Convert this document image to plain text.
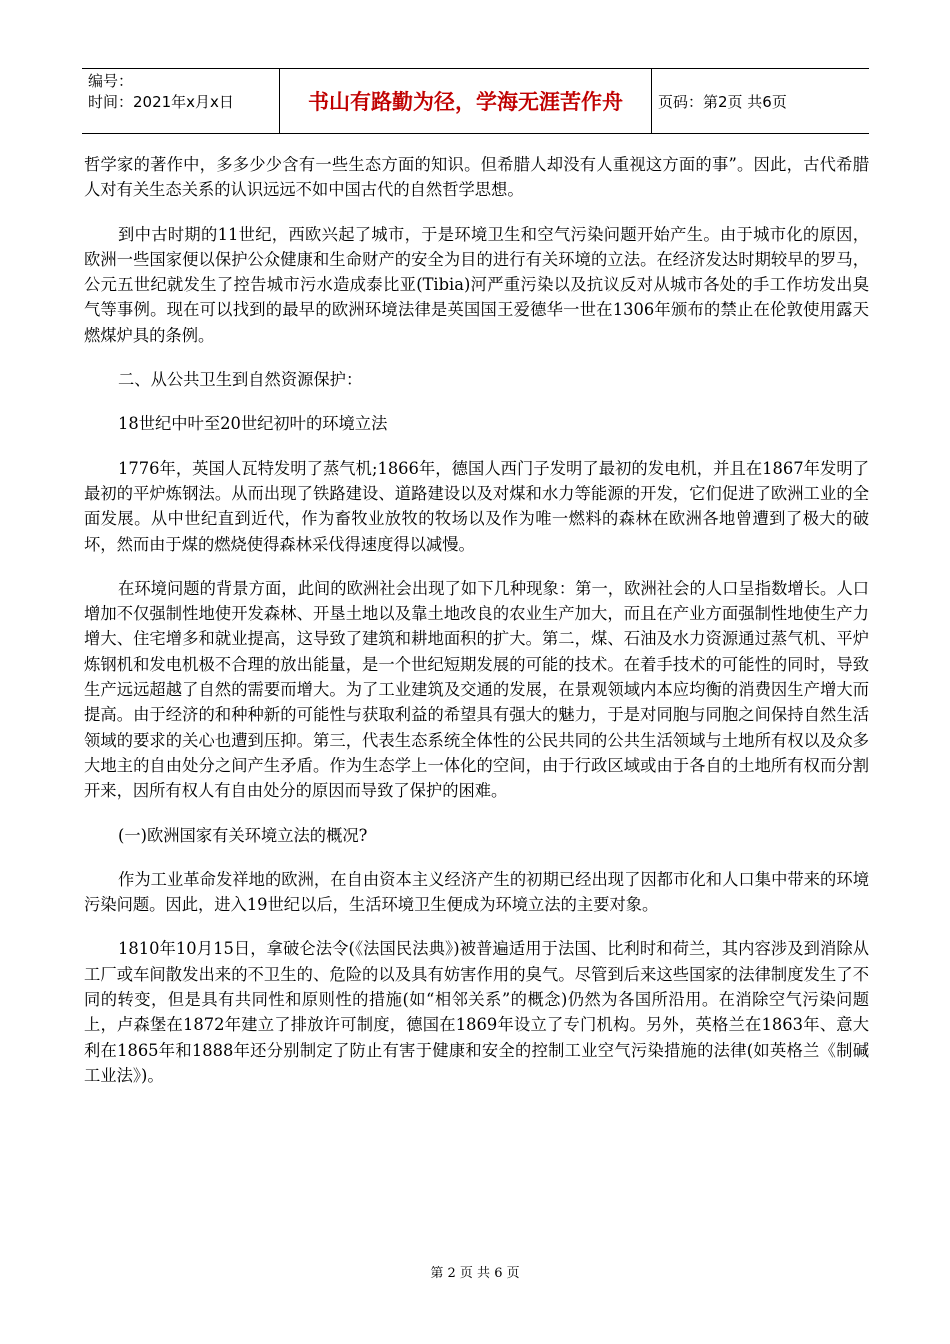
编号：
时间：2021年x月x日	书山有路勤为径，学海无涯苦作舟	页码：第2页 共6页

哲学家的著作中，多多少少含有一些生态方面的知识。但希腊人却没有人重视这方面的事”。因此，古代希腊人对有关生态关系的认识远远不如中国古代的自然哲学思想。

到中古时期的11世纪，西欧兴起了城市，于是环境卫生和空气污染问题开始产生。由于城市化的原因，欧洲一些国家便以保护公众健康和生命财产的安全为目的进行有关环境的立法。在经济发达时期较早的罗马，公元五世纪就发生了控告城市污水造成泰比亚(Tibia)河严重污染以及抗议反对从城市各处的手工作坊发出臭气等事例。现在可以找到的最早的欧洲环境法律是英国国王爱德华一世在1306年颁布的禁止在伦敦使用露天燃煤炉具的条例。

二、从公共卫生到自然资源保护：

18世纪中叶至20世纪初叶的环境立法

1776年，英国人瓦特发明了蒸气机;1866年，德国人西门子发明了最初的发电机，并且在1867年发明了最初的平炉炼钢法。从而出现了铁路建设、道路建设以及对煤和水力等能源的开发，它们促进了欧洲工业的全面发展。从中世纪直到近代，作为畜牧业放牧的牧场以及作为唯一燃料的森林在欧洲各地曾遭到了极大的破坏，然而由于煤的燃烧使得森林采伐得速度得以减慢。

在环境问题的背景方面，此间的欧洲社会出现了如下几种现象：第一，欧洲社会的人口呈指数增长。人口增加不仅强制性地使开发森林、开垦土地以及靠土地改良的农业生产加大，而且在产业方面强制性地使生产力增大、住宅增多和就业提高，这导致了建筑和耕地面积的扩大。第二，煤、石油及水力资源通过蒸气机、平炉炼钢机和发电机极不合理的放出能量，是一个世纪短期发展的可能的技术。在着手技术的可能性的同时，导致生产远远超越了自然的需要而增大。为了工业建筑及交通的发展，在景观领域内本应均衡的消费因生产增大而提高。由于经济的和种种新的可能性与获取利益的希望具有强大的魅力，于是对同胞与同胞之间保持自然生活领域的要求的关心也遭到压抑。第三，代表生态系统全体性的公民共同的公共生活领域与土地所有权以及众多大地主的自由处分之间产生矛盾。作为生态学上一体化的空间，由于行政区域或由于各自的土地所有权而分割开来，因所有权人有自由处分的原因而导致了保护的困难。

(一)欧洲国家有关环境立法的概况?

作为工业革命发祥地的欧洲，在自由资本主义经济产生的初期已经出现了因都市化和人口集中带来的环境污染问题。因此，进入19世纪以后，生活环境卫生便成为环境立法的主要对象。

1810年10月15日，拿破仑法令(《法国民法典》)被普遍适用于法国、比利时和荷兰，其内容涉及到消除从工厂或车间散发出来的不卫生的、危险的以及具有妨害作用的臭气。尽管到后来这些国家的法律制度发生了不同的转变，但是具有共同性和原则性的措施(如“相邻关系”的概念)仍然为各国所沿用。在消除空气污染问题上，卢森堡在1872年建立了排放许可制度，德国在1869年设立了专门机构。另外，英格兰在1863年、意大利在1865年和1888年还分别制定了防止有害于健康和安全的控制工业空气污染措施的法律(如英格兰《制碱工业法》)。

第 2 页 共 6 页
